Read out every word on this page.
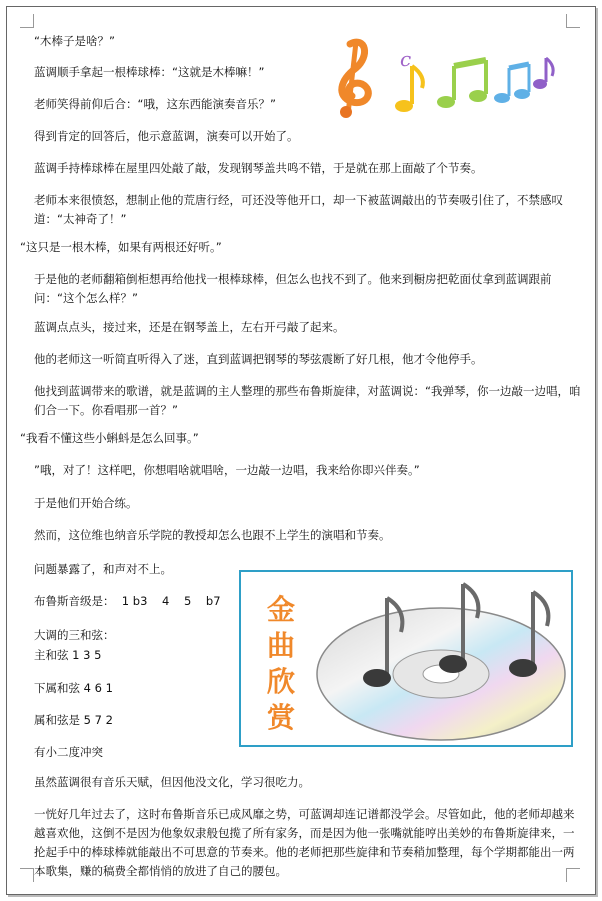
“木棒子是啥？”
蓝调顺手拿起一根棒球棒：“这就是木棒嘛！”
老师笑得前仰后合：“哦，这东西能演奏音乐？”
得到肯定的回答后，他示意蓝调，演奏可以开始了。
蓝调手持棒球棒在屋里四处敲了敲，发现钢琴盖共鸣不错，于是就在那上面敲了个节奏。
老师本来很愤怒，想制止他的荒唐行经，可还没等他开口，却一下被蓝调敲出的节奏吸引住了，不禁感叹道：“太神奇了！”
“这只是一根木棒，如果有两根还好听。”
于是他的老师翻箱倒柜想再给他找一根棒球棒，但怎么也找不到了。他来到橱房把乾面仗拿到蓝调跟前问：“这个怎么样？”
蓝调点点头，接过来，还是在钢琴盖上，左右开弓敲了起来。
他的老师这一听简直听得入了迷，直到蓝调把钢琴的琴弦震断了好几根，他才令他停手。
他找到蓝调带来的歌谱，就是蓝调的主人整理的那些布鲁斯旋律，对蓝调说：“我弹琴，你一边敲一边唱，咱们合一下。你看唱那一首？”
“我看不懂这些小蝌蚪是怎么回事。”
”哦，对了！这样吧，你想唱啥就唱啥，一边敲一边唱，我来给你即兴伴奏。”
于是他们开始合练。
然而，这位维也纳音乐学院的教授却怎么也跟不上学生的演唱和节奏。
问题暴露了，和声对不上。
布鲁斯音级是：  1 b3    4    5    b7
大调的三和弦：
主和弦 1 3 5
下属和弦 4 6 1
属和弦是 5 7 2
有小二度冲突
虽然蓝调很有音乐天赋，但因他没文化，学习很吃力。
一恍好几年过去了，这时布鲁斯音乐已成风靡之势，可蓝调却连记谱都没学会。尽管如此，他的老师却越来越喜欢他，这倒不是因为他象奴隶般包揽了所有家务，而是因为他一张嘴就能哼出美妙的布鲁斯旋律来，一抡起手中的棒球棒就能敲出不可思意的节奏来。他的老师把那些旋律和节奏稍加整理，每个学期都能出一两本歌集，赚的稿费全都悄悄的放进了自己的腰包。
c
金曲欣赏
